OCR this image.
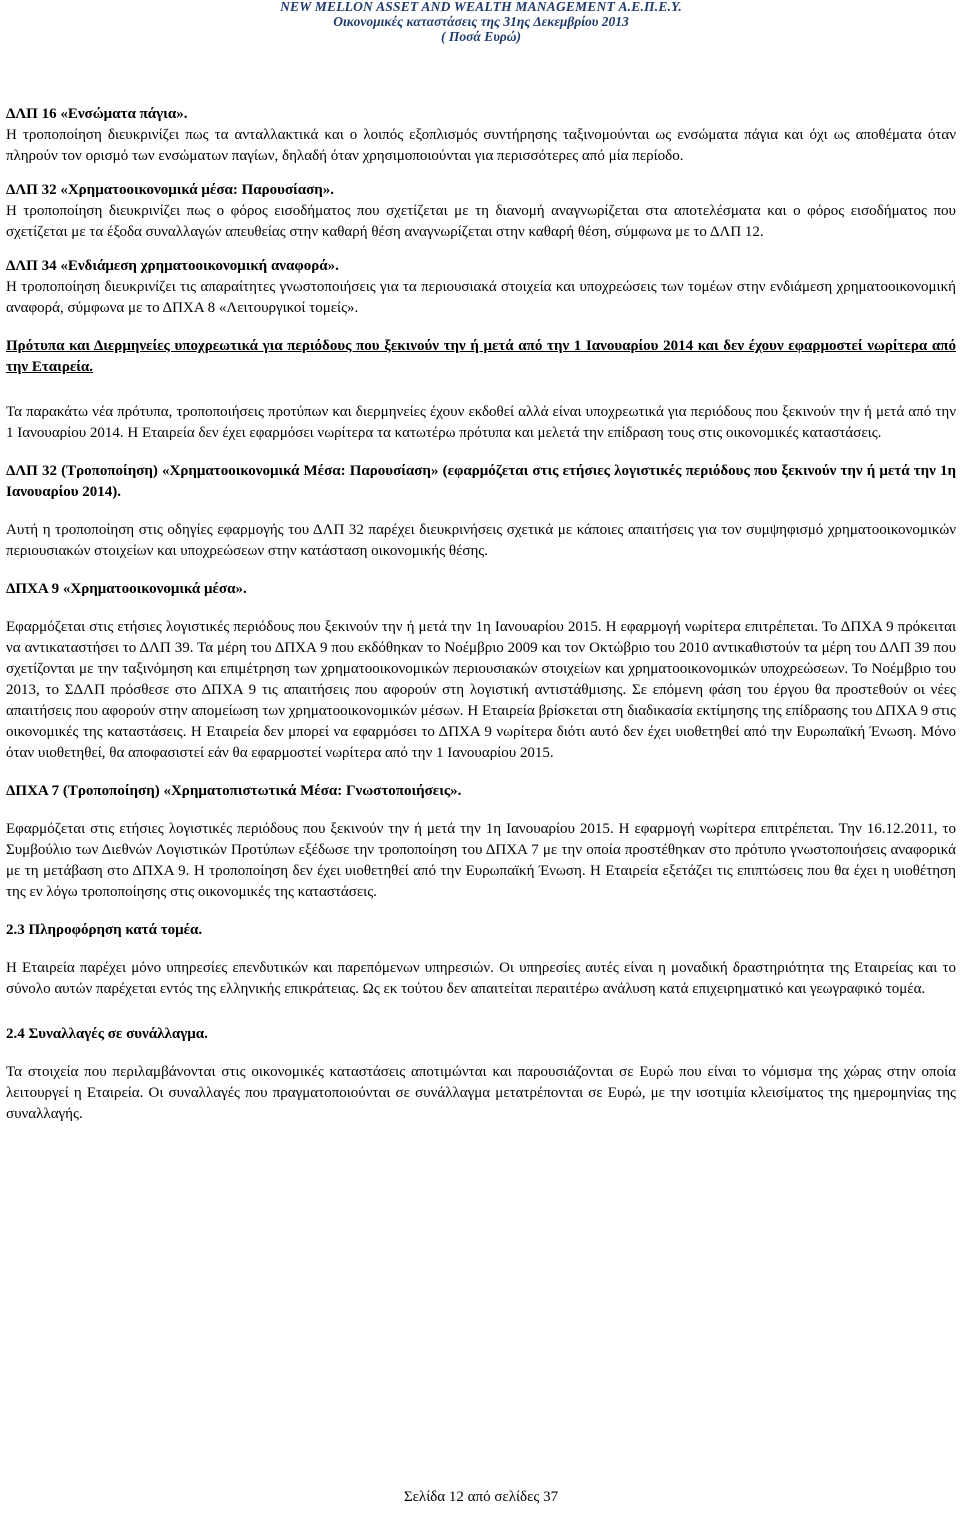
NEW MELLON ASSET AND WEALTH MANAGEMENT Α.Ε.Π.Ε.Υ.
Οικονομικές καταστάσεις της 31ης Δεκεμβρίου 2013
( Ποσά Ευρώ)
ΔΛΠ 16 «Ενσώματα πάγια».

Η τροποποίηση διευκρινίζει πως τα ανταλλακτικά και ο λοιπός εξοπλισμός συντήρησης ταξινομούνται ως ενσώματα πάγια και όχι ως αποθέματα όταν πληρούν τον ορισμό των ενσώματων παγίων, δηλαδή όταν χρησιμοποιούνται για περισσότερες από μία περίοδο.

ΔΛΠ 32 «Χρηματοοικονομικά μέσα: Παρουσίαση».

Η τροποποίηση διευκρινίζει πως ο φόρος εισοδήματος που σχετίζεται με τη διανομή αναγνωρίζεται στα αποτελέσματα και ο φόρος εισοδήματος που σχετίζεται με τα έξοδα συναλλαγών απευθείας στην καθαρή θέση αναγνωρίζεται στην καθαρή θέση, σύμφωνα με το ΔΛΠ 12.

ΔΛΠ 34 «Ενδιάμεση χρηματοοικονομική αναφορά».

Η τροποποίηση διευκρινίζει τις απαραίτητες γνωστοποιήσεις για τα περιουσιακά στοιχεία και υποχρεώσεις των τομέων στην ενδιάμεση χρηματοοικονομική αναφορά, σύμφωνα με το ΔΠΧΑ 8 «Λειτουργικοί τομείς».

Πρότυπα και Διερμηνείες υποχρεωτικά για περιόδους που ξεκινούν την ή μετά από την 1 Ιανουαρίου 2014 και δεν έχουν εφαρμοστεί νωρίτερα από την Εταιρεία.

Τα παρακάτω νέα πρότυπα, τροποποιήσεις προτύπων και διερμηνείες έχουν εκδοθεί αλλά είναι υποχρεωτικά για περιόδους που ξεκινούν την ή μετά από την 1 Ιανουαρίου 2014. Η Εταιρεία δεν έχει εφαρμόσει νωρίτερα τα κατωτέρω πρότυπα και μελετά την επίδραση τους στις οικονομικές καταστάσεις.

ΔΛΠ 32 (Τροποποίηση) «Χρηματοοικονομικά Μέσα: Παρουσίαση» (εφαρμόζεται στις ετήσιες λογιστικές περιόδους που ξεκινούν την ή μετά την 1η Ιανουαρίου 2014).

Αυτή η τροποποίηση στις οδηγίες εφαρμογής του ΔΛΠ 32 παρέχει διευκρινήσεις σχετικά με κάποιες απαιτήσεις για τον συμψηφισμό χρηματοοικονομικών περιουσιακών στοιχείων και υποχρεώσεων στην κατάσταση οικονομικής θέσης.

ΔΠΧΑ 9 «Χρηματοοικονομικά μέσα».

Εφαρμόζεται στις ετήσιες λογιστικές περιόδους που ξεκινούν την ή μετά την 1η Ιανουαρίου 2015. Η εφαρμογή νωρίτερα επιτρέπεται. Το ΔΠΧΑ 9 πρόκειται να αντικαταστήσει το ΔΛΠ 39. Τα μέρη του ΔΠΧΑ 9 που εκδόθηκαν το Νοέμβριο 2009 και τον Οκτώβριο του 2010 αντικαθιστούν τα μέρη του ΔΛΠ 39 που σχετίζονται με την ταξινόμηση και επιμέτρηση των χρηματοοικονομικών περιουσιακών στοιχείων και χρηματοοικονομικών υποχρεώσεων. Το Νοέμβριο του 2013, το ΣΔΛΠ πρόσθεσε στο ΔΠΧΑ 9 τις απαιτήσεις που αφορούν στη λογιστική αντιστάθμισης. Σε επόμενη φάση του έργου θα προστεθούν οι νέες απαιτήσεις που αφορούν στην απομείωση των χρηματοοικονομικών μέσων. Η Εταιρεία βρίσκεται στη διαδικασία εκτίμησης της επίδρασης του ΔΠΧΑ 9 στις οικονομικές της καταστάσεις. Η Εταιρεία δεν μπορεί να εφαρμόσει το ΔΠΧΑ 9 νωρίτερα διότι αυτό δεν έχει υιοθετηθεί από την Ευρωπαϊκή Ένωση. Μόνο όταν υιοθετηθεί, θα αποφασιστεί εάν θα εφαρμοστεί νωρίτερα από την 1 Ιανουαρίου 2015.

ΔΠΧΑ 7 (Τροποποίηση) «Χρηματοπιστωτικά Μέσα: Γνωστοποιήσεις».

Εφαρμόζεται στις ετήσιες λογιστικές περιόδους που ξεκινούν την ή μετά την 1η Ιανουαρίου 2015. Η εφαρμογή νωρίτερα επιτρέπεται. Την 16.12.2011, το Συμβούλιο των Διεθνών Λογιστικών Προτύπων εξέδωσε την τροποποίηση του ΔΠΧΑ 7 με την οποία προστέθηκαν στο πρότυπο γνωστοποιήσεις αναφορικά με τη μετάβαση στο ΔΠΧΑ 9. Η τροποποίηση δεν έχει υιοθετηθεί από την Ευρωπαϊκή Ένωση. Η Εταιρεία εξετάζει τις επιπτώσεις που θα έχει η υιοθέτηση της εν λόγω τροποποίησης στις οικονομικές της καταστάσεις.

2.3 Πληροφόρηση κατά τομέα.

Η Εταιρεία παρέχει μόνο υπηρεσίες επενδυτικών και παρεπόμενων υπηρεσιών. Οι υπηρεσίες αυτές είναι η μοναδική δραστηριότητα της Εταιρείας και το σύνολο αυτών παρέχεται εντός της ελληνικής επικράτειας. Ως εκ τούτου δεν απαιτείται περαιτέρω ανάλυση κατά επιχειρηματικό και γεωγραφικό τομέα.

2.4 Συναλλαγές σε συνάλλαγμα.

Τα στοιχεία που περιλαμβάνονται στις οικονομικές καταστάσεις αποτιμώνται και παρουσιάζονται σε Ευρώ που είναι το νόμισμα της χώρας στην οποία λειτουργεί η Εταιρεία. Οι συναλλαγές που πραγματοποιούνται σε συνάλλαγμα μετατρέπονται σε Ευρώ, με την ισοτιμία κλεισίματος της ημερομηνίας της συναλλαγής.

Σελίδα 12 από σελίδες 37
